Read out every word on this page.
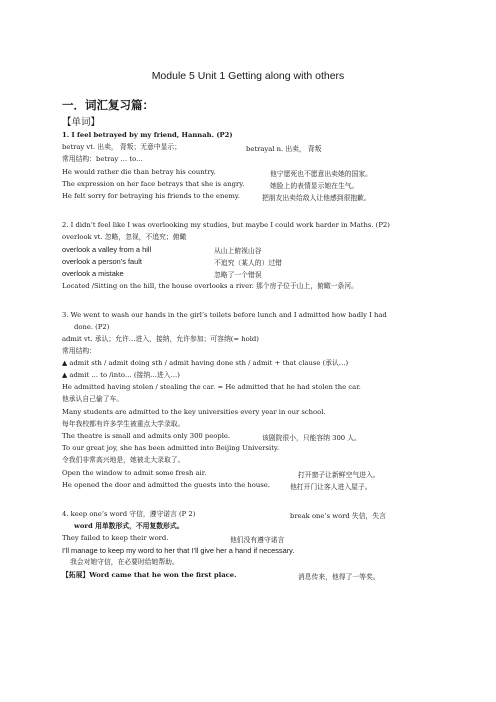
Module 5 Unit 1 Getting along with others
一．词汇复习篇：
【单词】
1. I feel betrayed by my friend, Hannah. (P2)
betray vt. 出卖， 背叛；无意中显示；	betrayal n. 出卖， 背叛
常用结构：betray … to…
He would rather die than betray his country.	他宁愿死也不愿意出卖她的国家。
The expression on her face betrays that she is angry.	她脸上的表情显示她在生气。
He felt sorry for betraying his friends to the enemy.	把朋友出卖给敌人让他感到很抱歉。
2. I didn’t feel like I was overlooking my studies, but maybe I could work harder in Maths. (P2)
overlook vt. 忽略，忽视，不追究；俯瞰
overlook a valley from a hill	从山上俯视山谷
overlook a person’s fault	不追究（某人的）过错
overlook a mistake	忽略了一个错误
Located /Sitting on the hill, the house overlooks a river. 那个房子位于山上，俯瞰一条河。
3. We went to wash our hands in the girl’s toilets before lunch and I admitted how badly I had
done. (P2)
admit vt. 承认；允许…进入，接纳，允许参加；可容纳(= hold)
常用结构：
▲ admit sth / admit doing sth / admit having done sth / admit + that clause (承认…)
▲ admit … to /into… (接纳…进入…)
He admitted having stolen / stealing the car. = He admitted that he had stolen the car.
他承认自己偷了车。
Many students are admitted to the key universities every year in our school.
每年我校都有许多学生被重点大学录取。
The theatre is small and admits only 300 people.	该剧院很小，只能容纳 300 人。
To our great joy, she has been admitted into Beijing University.
令我们非常高兴地是，她被北大录取了。
Open the window to admit some fresh air.	打开窗子让新鲜空气进入。
He opened the door and admitted the guests into the house.	他打开门让客人进入屋子。
4. keep one’s word 守信，遵守诺言 (P 2)	break one’s word 失信，失言
word 用单数形式，不用复数形式。
They failed to keep their word.	他们没有遵守诺言
I’ll manage to keep my word to her that I’ll give her a hand if necessary.
我会对她守信，在必要时给她帮助。
【拓展】Word came that he won the first place.	消息传来，他得了一等奖。
